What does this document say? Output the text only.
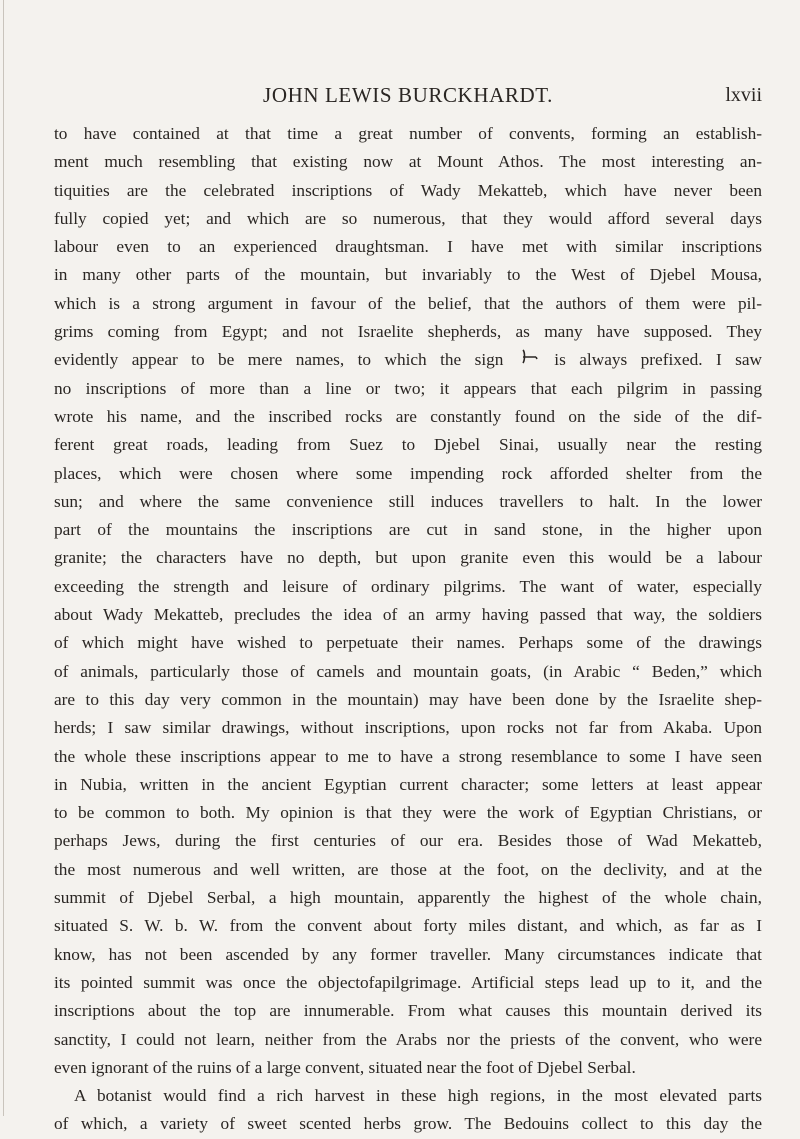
JOHN LEWIS BURCKHARDT.	lxvii
to have contained at that time a great number of convents, forming an establish-
ment much resembling that existing now at Mount Athos. The most interesting an-
tiquities are the celebrated inscriptions of Wady Mekatteb, which have never been
fully copied yet; and which are so numerous, that they would afford several days
labour even to an experienced draughtsman. I have met with similar inscriptions
in many other parts of the mountain, but invariably to the West of Djebel Mousa,
which is a strong argument in favour of the belief, that the authors of them were pil-
grims coming from Egypt; and not Israelite shepherds, as many have supposed. They
evidently appear to be mere names, to which the sign	is always prefixed. I saw
no inscriptions of more than a line or two; it appears that each pilgrim in passing
wrote his name, and the inscribed rocks are constantly found on the side of the dif-
ferent great roads, leading from Suez to Djebel Sinai, usually near the resting
places, which were chosen where some impending rock afforded shelter from the
sun; and where the same convenience still induces travellers to halt. In the lower
part of the mountains the inscriptions are cut in sand stone, in the higher upon
granite; the characters have no depth, but upon granite even this would be a labour
exceeding the strength and leisure of ordinary pilgrims. The want of water, especially
about Wady Mekatteb, precludes the idea of an army having passed that way, the soldiers
of which might have wished to perpetuate their names. Perhaps some of the drawings
of animals, particularly those of camels and mountain goats, (in Arabic “ Beden,” which
are to this day very common in the mountain) may have been done by the Israelite shep-
herds; I saw similar drawings, without inscriptions, upon rocks not far from Akaba. Upon
the whole these inscriptions appear to me to have a strong resemblance to some I have seen
in Nubia, written in the ancient Egyptian current character; some letters at least appear
to be common to both. My opinion is that they were the work of Egyptian Christians, or
perhaps Jews, during the first centuries of our era. Besides those of Wad Mekatteb,
the most numerous and well written, are those at the foot, on the declivity, and at the
summit of Djebel Serbal, a high mountain, apparently the highest of the whole chain,
situated S. W. b. W. from the convent about forty miles distant, and which, as far as I
know, has not been ascended by any former traveller. Many circumstances indicate that
its pointed summit was once the objectofapilgrimage. Artificial steps lead up to it, and the
inscriptions about the top are innumerable. From what causes this mountain derived its
sanctity, I could not learn, neither from the Arabs nor the priests of the convent, who were
even ignorant of the ruins of a large convent, situated near the foot of Djebel Serbal.
A botanist would find a rich harvest in these high regions, in the most elevated parts
of which, a variety of sweet scented herbs grow. The Bedouins collect to this day the
